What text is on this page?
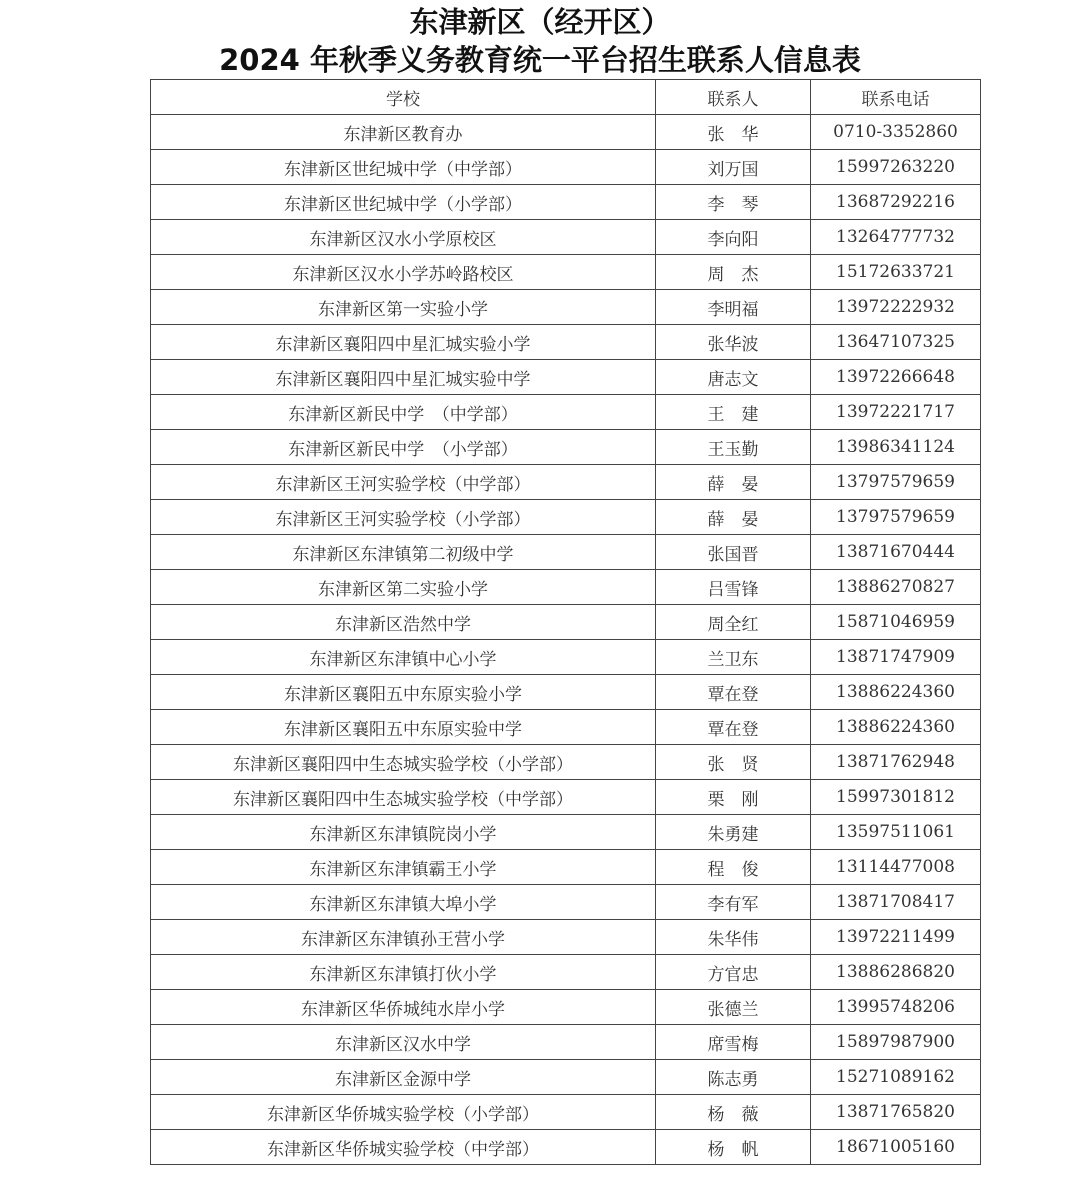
东津新区（经开区）
2024 年秋季义务教育统一平台招生联系人信息表
学校	联系人	联系电话
东津新区教育办	张　华	0710-3352860
东津新区世纪城中学（中学部）	刘万国	15997263220
东津新区世纪城中学（小学部）	李　琴	13687292216
东津新区汉水小学原校区	李向阳	13264777732
东津新区汉水小学苏岭路校区	周　杰	15172633721
东津新区第一实验小学	李明福	13972222932
东津新区襄阳四中星汇城实验小学	张华波	13647107325
东津新区襄阳四中星汇城实验中学	唐志文	13972266648
东津新区新民中学　（中学部）	王　建	13972221717
东津新区新民中学　（小学部）	王玉勤	13986341124
东津新区王河实验学校（中学部）	薛　晏	13797579659
东津新区王河实验学校（小学部）	薛　晏	13797579659
东津新区东津镇第二初级中学	张国晋	13871670444
东津新区第二实验小学	吕雪锋	13886270827
东津新区浩然中学	周全红	15871046959
东津新区东津镇中心小学	兰卫东	13871747909
东津新区襄阳五中东原实验小学	覃在登	13886224360
东津新区襄阳五中东原实验中学	覃在登	13886224360
东津新区襄阳四中生态城实验学校（小学部）	张　贤	13871762948
东津新区襄阳四中生态城实验学校（中学部）	栗　刚	15997301812
东津新区东津镇院岗小学	朱勇建	13597511061
东津新区东津镇霸王小学	程　俊	13114477008
东津新区东津镇大埠小学	李有军	13871708417
东津新区东津镇孙王营小学	朱华伟	13972211499
东津新区东津镇打伙小学	方官忠	13886286820
东津新区华侨城纯水岸小学	张德兰	13995748206
东津新区汉水中学	席雪梅	15897987900
东津新区金源中学	陈志勇	15271089162
东津新区华侨城实验学校（小学部）	杨　薇	13871765820
东津新区华侨城实验学校（中学部）	杨　帆	18671005160
